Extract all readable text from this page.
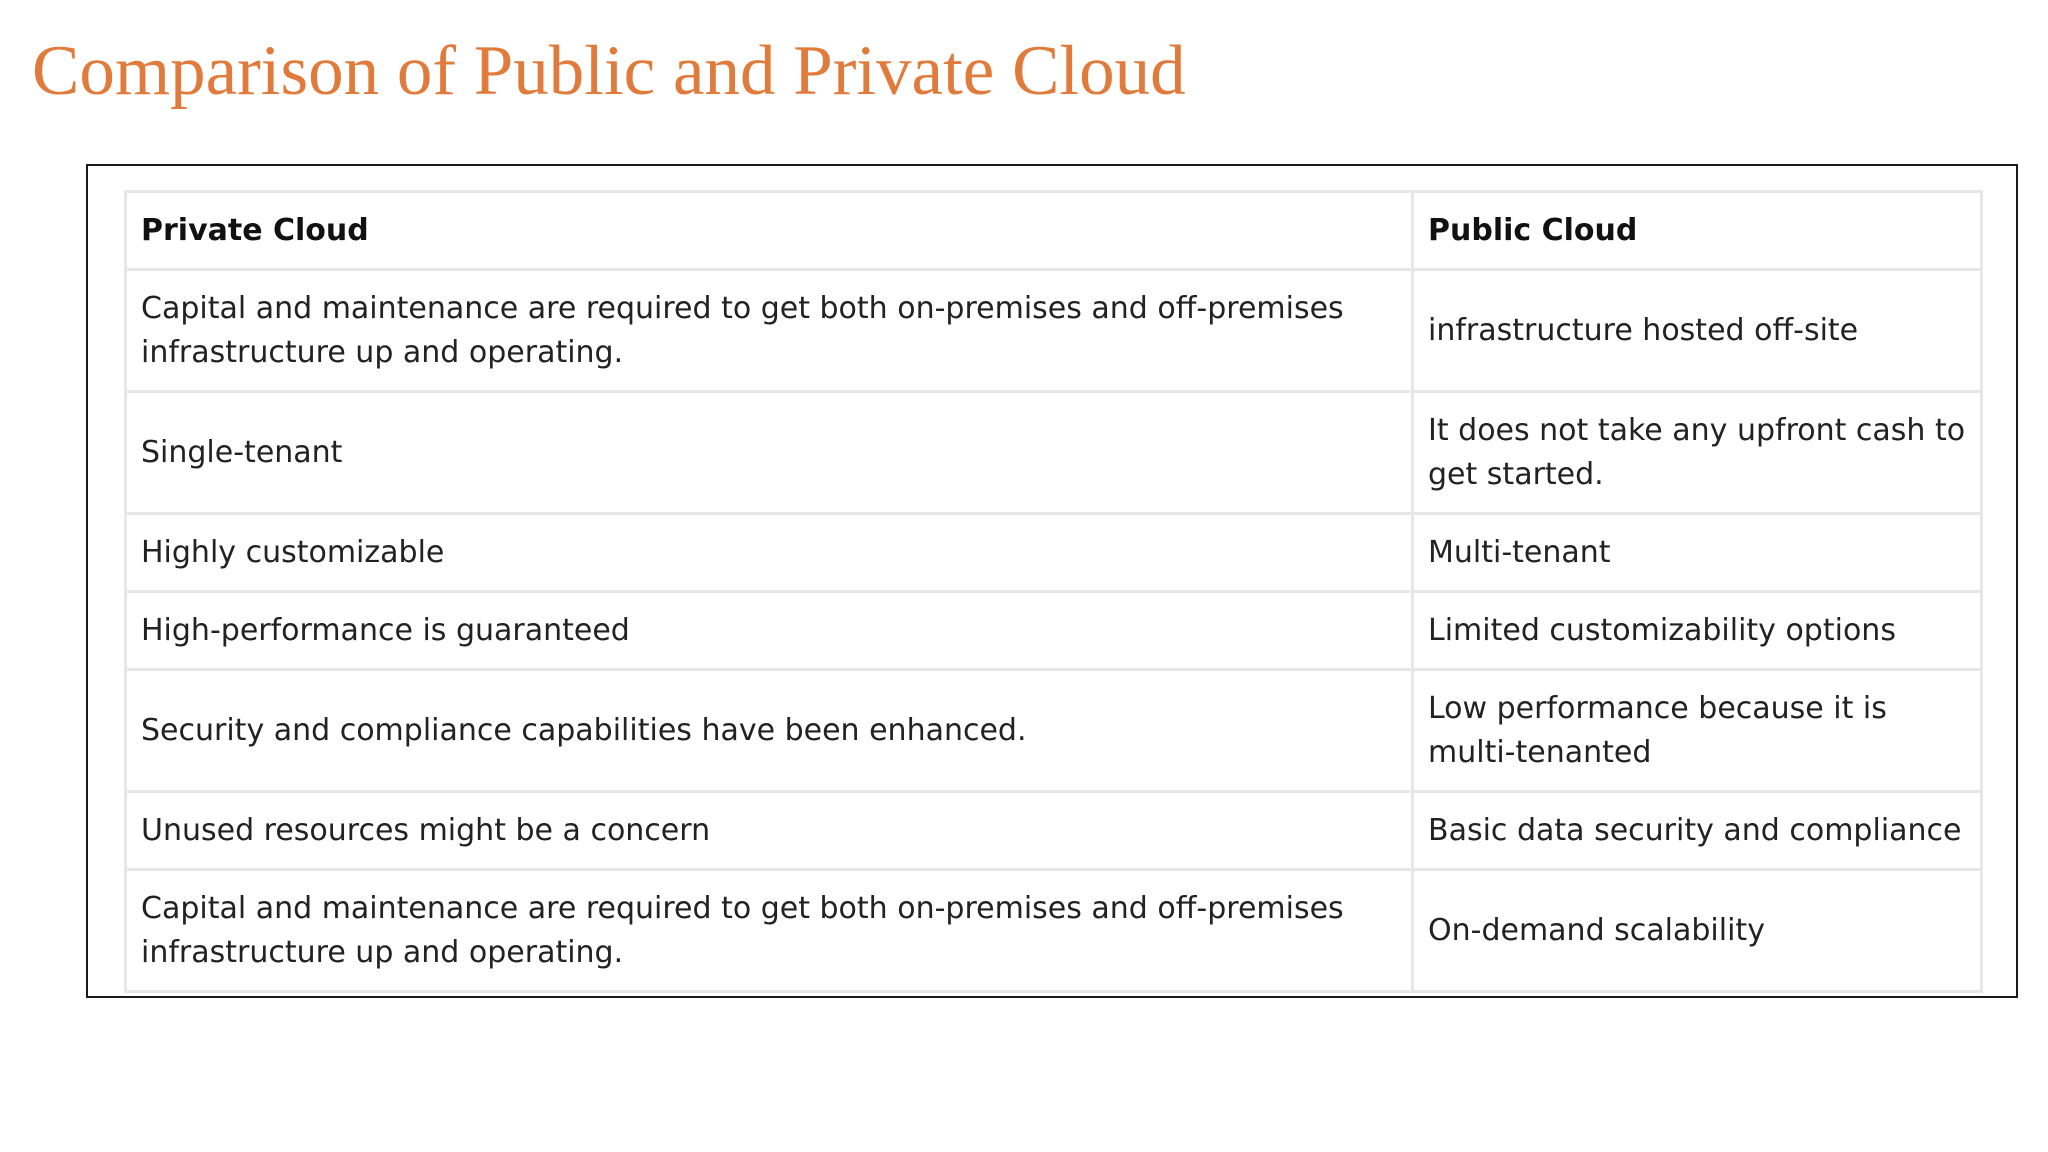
Comparison of Public and Private Cloud
Private Cloud	Public Cloud
Capital and maintenance are required to get both on-premises and off-premises infrastructure up and operating.	infrastructure hosted off-site
Single-tenant	It does not take any upfront cash to get started.
Highly customizable	Multi-tenant
High-performance is guaranteed	Limited customizability options
Security and compliance capabilities have been enhanced.	Low performance because it is multi-tenanted
Unused resources might be a concern	Basic data security and compliance
Capital and maintenance are required to get both on-premises and off-premises infrastructure up and operating.	On-demand scalability
